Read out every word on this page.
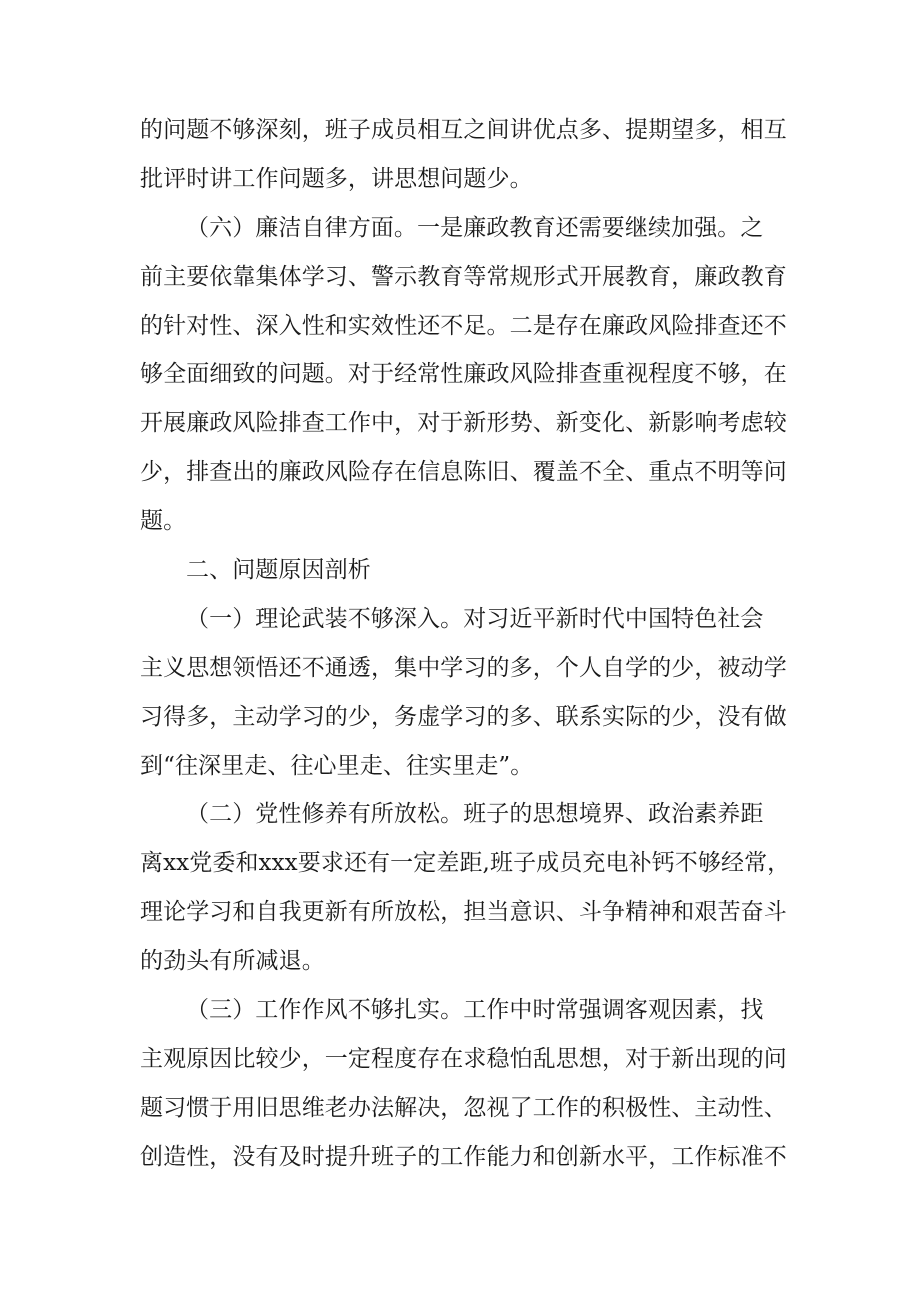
的问题不够深刻，班子成员相互之间讲优点多、提期望多，相互
批评时讲工作问题多，讲思想问题少。
（六）廉洁自律方面。一是廉政教育还需要继续加强。之
前主要依靠集体学习、警示教育等常规形式开展教育，廉政教育
的针对性、深入性和实效性还不足。二是存在廉政风险排查还不
够全面细致的问题。对于经常性廉政风险排查重视程度不够，在
开展廉政风险排查工作中，对于新形势、新变化、新影响考虑较
少，排查出的廉政风险存在信息陈旧、覆盖不全、重点不明等问
题。
二、问题原因剖析
（一）理论武装不够深入。对习近平新时代中国特色社会
主义思想领悟还不通透，集中学习的多，个人自学的少，被动学
习得多，主动学习的少，务虚学习的多、联系实际的少，没有做
到“往深里走、往心里走、往实里走”。
（二）党性修养有所放松。班子的思想境界、政治素养距
离xx党委和xxx要求还有一定差距,班子成员充电补钙不够经常，
理论学习和自我更新有所放松，担当意识、斗争精神和艰苦奋斗
的劲头有所减退。
（三）工作作风不够扎实。工作中时常强调客观因素，找
主观原因比较少，一定程度存在求稳怕乱思想，对于新出现的问
题习惯于用旧思维老办法解决，忽视了工作的积极性、主动性、
创造性，没有及时提升班子的工作能力和创新水平，工作标准不
